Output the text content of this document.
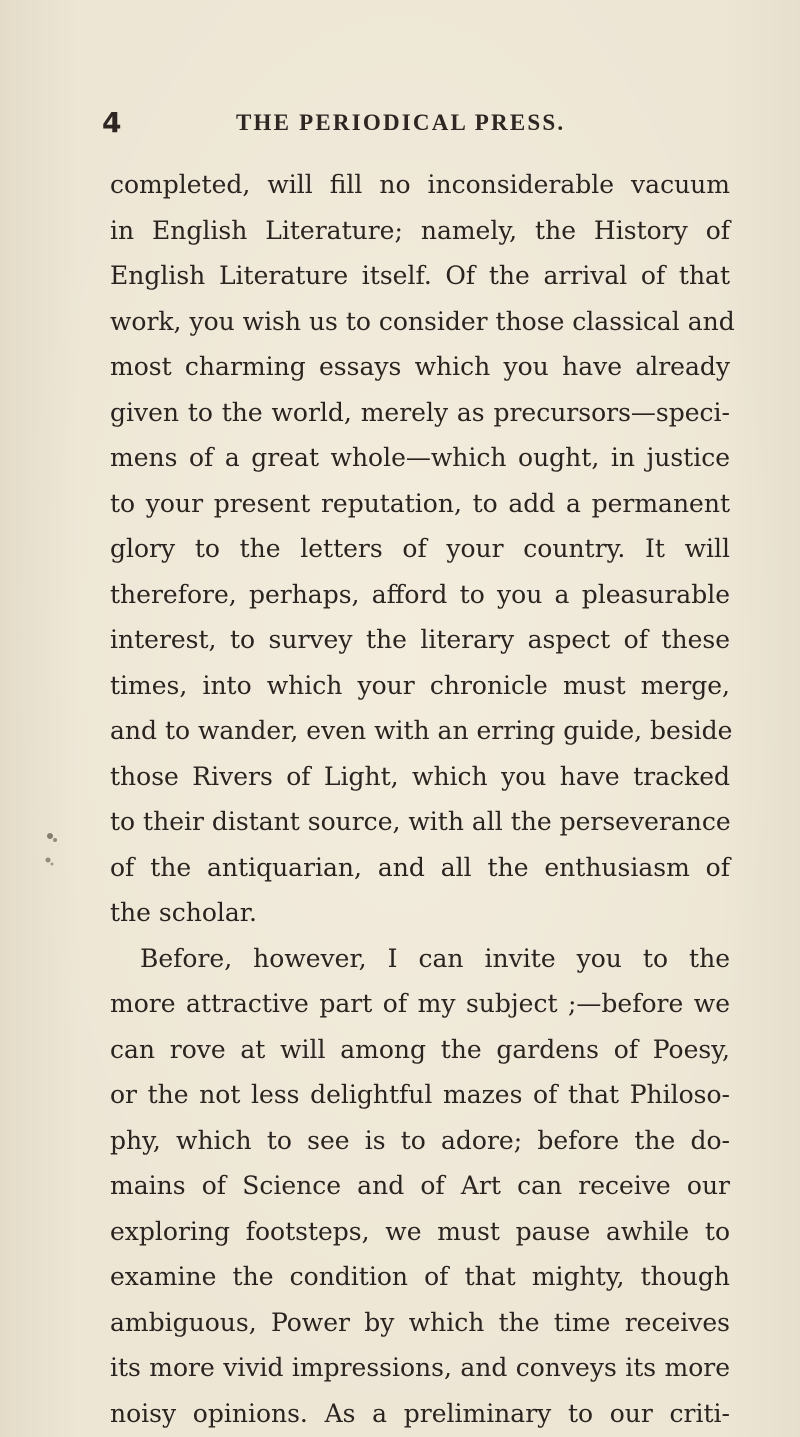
4	THE PERIODICAL PRESS.
completed, will fill no inconsiderable vacuum
in English Literature; namely, the History of
English Literature itself. Of the arrival of that
work, you wish us to consider those classical and
most charming essays which you have already
given to the world, merely as precursors—speci-
mens of a great whole—which ought, in justice
to your present reputation, to add a permanent
glory to the letters of your country. It will
therefore, perhaps, afford to you a pleasurable
interest, to survey the literary aspect of these
times, into which your chronicle must merge,
and to wander, even with an erring guide, beside
those Rivers of Light, which you have tracked
to their distant source, with all the perseverance
of the antiquarian, and all the enthusiasm of
the scholar.
Before, however, I can invite you to the
more attractive part of my subject ;—before we
can rove at will among the gardens of Poesy,
or the not less delightful mazes of that Philoso-
phy, which to see is to adore; before the do-
mains of Science and of Art can receive our
exploring footsteps, we must pause awhile to
examine the condition of that mighty, though
ambiguous, Power by which the time receives
its more vivid impressions, and conveys its more
noisy opinions. As a preliminary to our criti-
